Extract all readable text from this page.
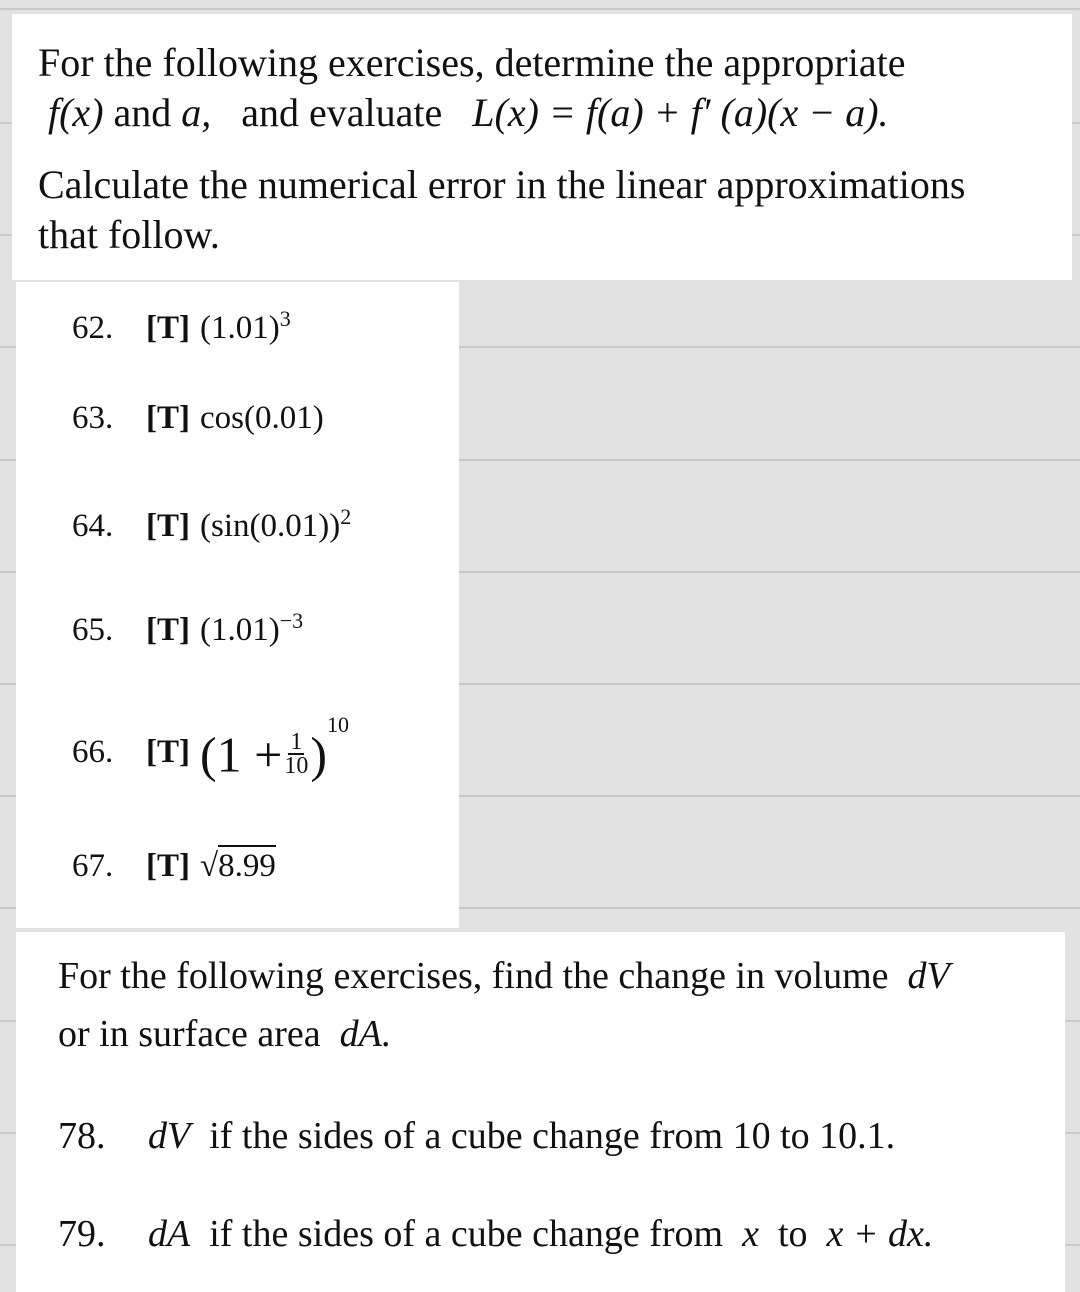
For the following exercises, determine the appropriate
f(x) and a, and evaluate L(x) = f(a) + f′ (a)(x − a).
Calculate the numerical error in the linear approximations
that follow.
62. [T] $(1.01)^3$
63. [T] cos(0.01)
64. [T] $(\sin(0.01))^2$
65. [T] $(1.01)^{-3}$
66. [T] $(1 + \frac{1}{10} )^{10}$
67. [T] √8.99
For the following exercises, find the change in volume dV
or in surface area dA.
78. dV if the sides of a cube change from 10 to 10.1.
79. dA if the sides of a cube change from x to x + dx.
